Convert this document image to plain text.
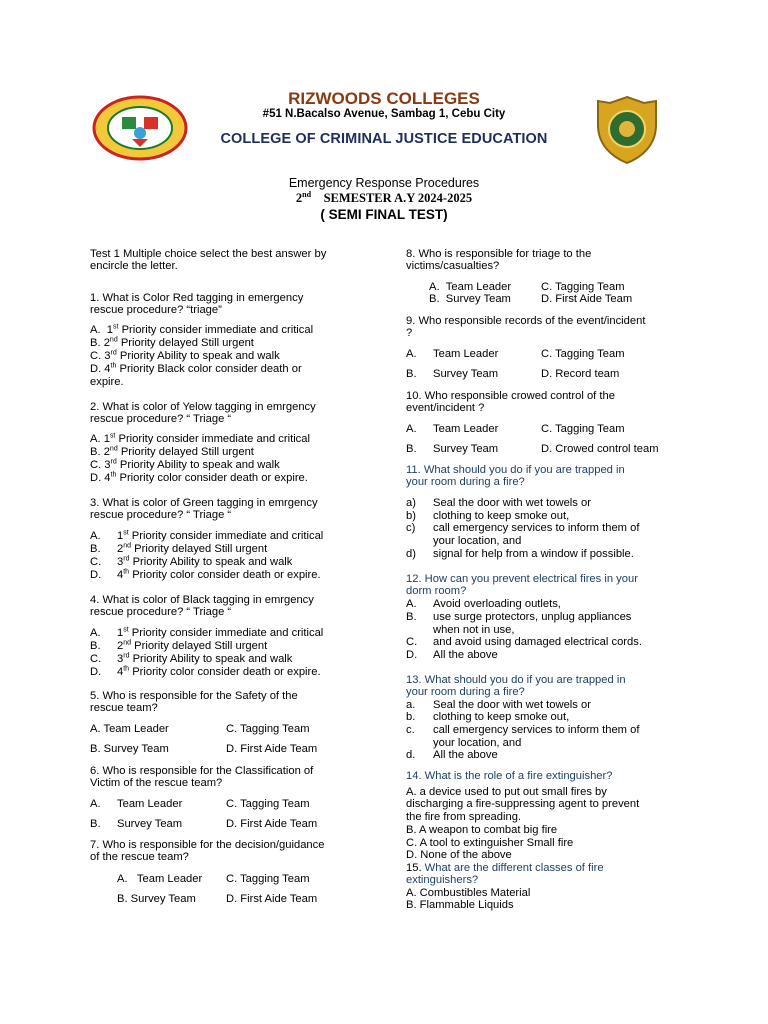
RIZWOODS COLLEGES
#51 N.Bacalso Avenue, Sambag 1, Cebu City
COLLEGE OF CRIMINAL JUSTICE EDUCATION
Emergency Response Procedures
2nd SEMESTER A.Y 2024-2025
( SEMI FINAL TEST)
Test 1 Multiple choice select the best answer by
encircle the letter.
1. What is Color Red tagging in emergency
rescue procedure? “triage”
A. 1st Priority consider immediate and critical
B. 2nd Priority delayed Still urgent
C. 3rd Priority Ability to speak and walk
D. 4th Priority Black color consider death or
expire.
2. What is color of Yelow tagging in emrgency
rescue procedure? “ Triage “
A. 1st Priority consider immediate and critical
B. 2nd Priority delayed Still urgent
C. 3rd Priority Ability to speak and walk
D. 4th Priority color consider death or expire.
3. What is color of Green tagging in emrgency
rescue procedure? “ Triage “
A. 1st Priority consider immediate and critical
B. 2nd Priority delayed Still urgent
C. 3rd Priority Ability to speak and walk
D. 4th Priority color consider death or expire.
4. What is color of Black tagging in emrgency
rescue procedure? “ Triage “
A. 1st Priority consider immediate and critical
B. 2nd Priority delayed Still urgent
C. 3rd Priority Ability to speak and walk
D. 4th Priority color consider death or expire.
5. Who is responsible for the Safety of the
rescue team?
A. Team Leader	C. Tagging Team
B. Survey Team	D. First Aide Team
6. Who is responsible for the Classification of
Victim of the rescue team?
A. Team Leader	C. Tagging Team
B. Survey Team	D. First Aide Team
7. Who is responsible for the decision/guidance
of the rescue team?
A. Team Leader C. Tagging Team
B. Survey Team	D. First Aide Team
8. Who is responsible for triage to the
victims/casualties?
A. Team Leader	C. Tagging Team
B. Survey Team	D. First Aide Team
9. Who responsible records of the event/incident
?
A. Team Leader	C. Tagging Team
B. Survey Team	D. Record team
10. Who responsible crowed control of the
event/incident ?
A. Team Leader	C. Tagging Team
B. Survey Team	D. Crowed control team
11. What should you do if you are trapped in
your room during a fire?
a) Seal the door with wet towels or
b) clothing to keep smoke out,
c) call emergency services to inform them of
your location, and
d) signal for help from a window if possible.
12. How can you prevent electrical fires in your
dorm room?
A. Avoid overloading outlets,
B. use surge protectors, unplug appliances
when not in use,
C. and avoid using damaged electrical cords.
D. All the above
13. What should you do if you are trapped in
your room during a fire?
a. Seal the door with wet towels or
b. clothing to keep smoke out,
c. call emergency services to inform them of
your location, and
d. All the above
14. What is the role of a fire extinguisher?
A. a device used to put out small fires by
discharging a fire-suppressing agent to prevent
the fire from spreading.
B. A weapon to combat big fire
C. A tool to extinguisher Small fire
D. None of the above
15. What are the different classes of fire
extinguishers?
A. Combustibles Material
B. Flammable Liquids
